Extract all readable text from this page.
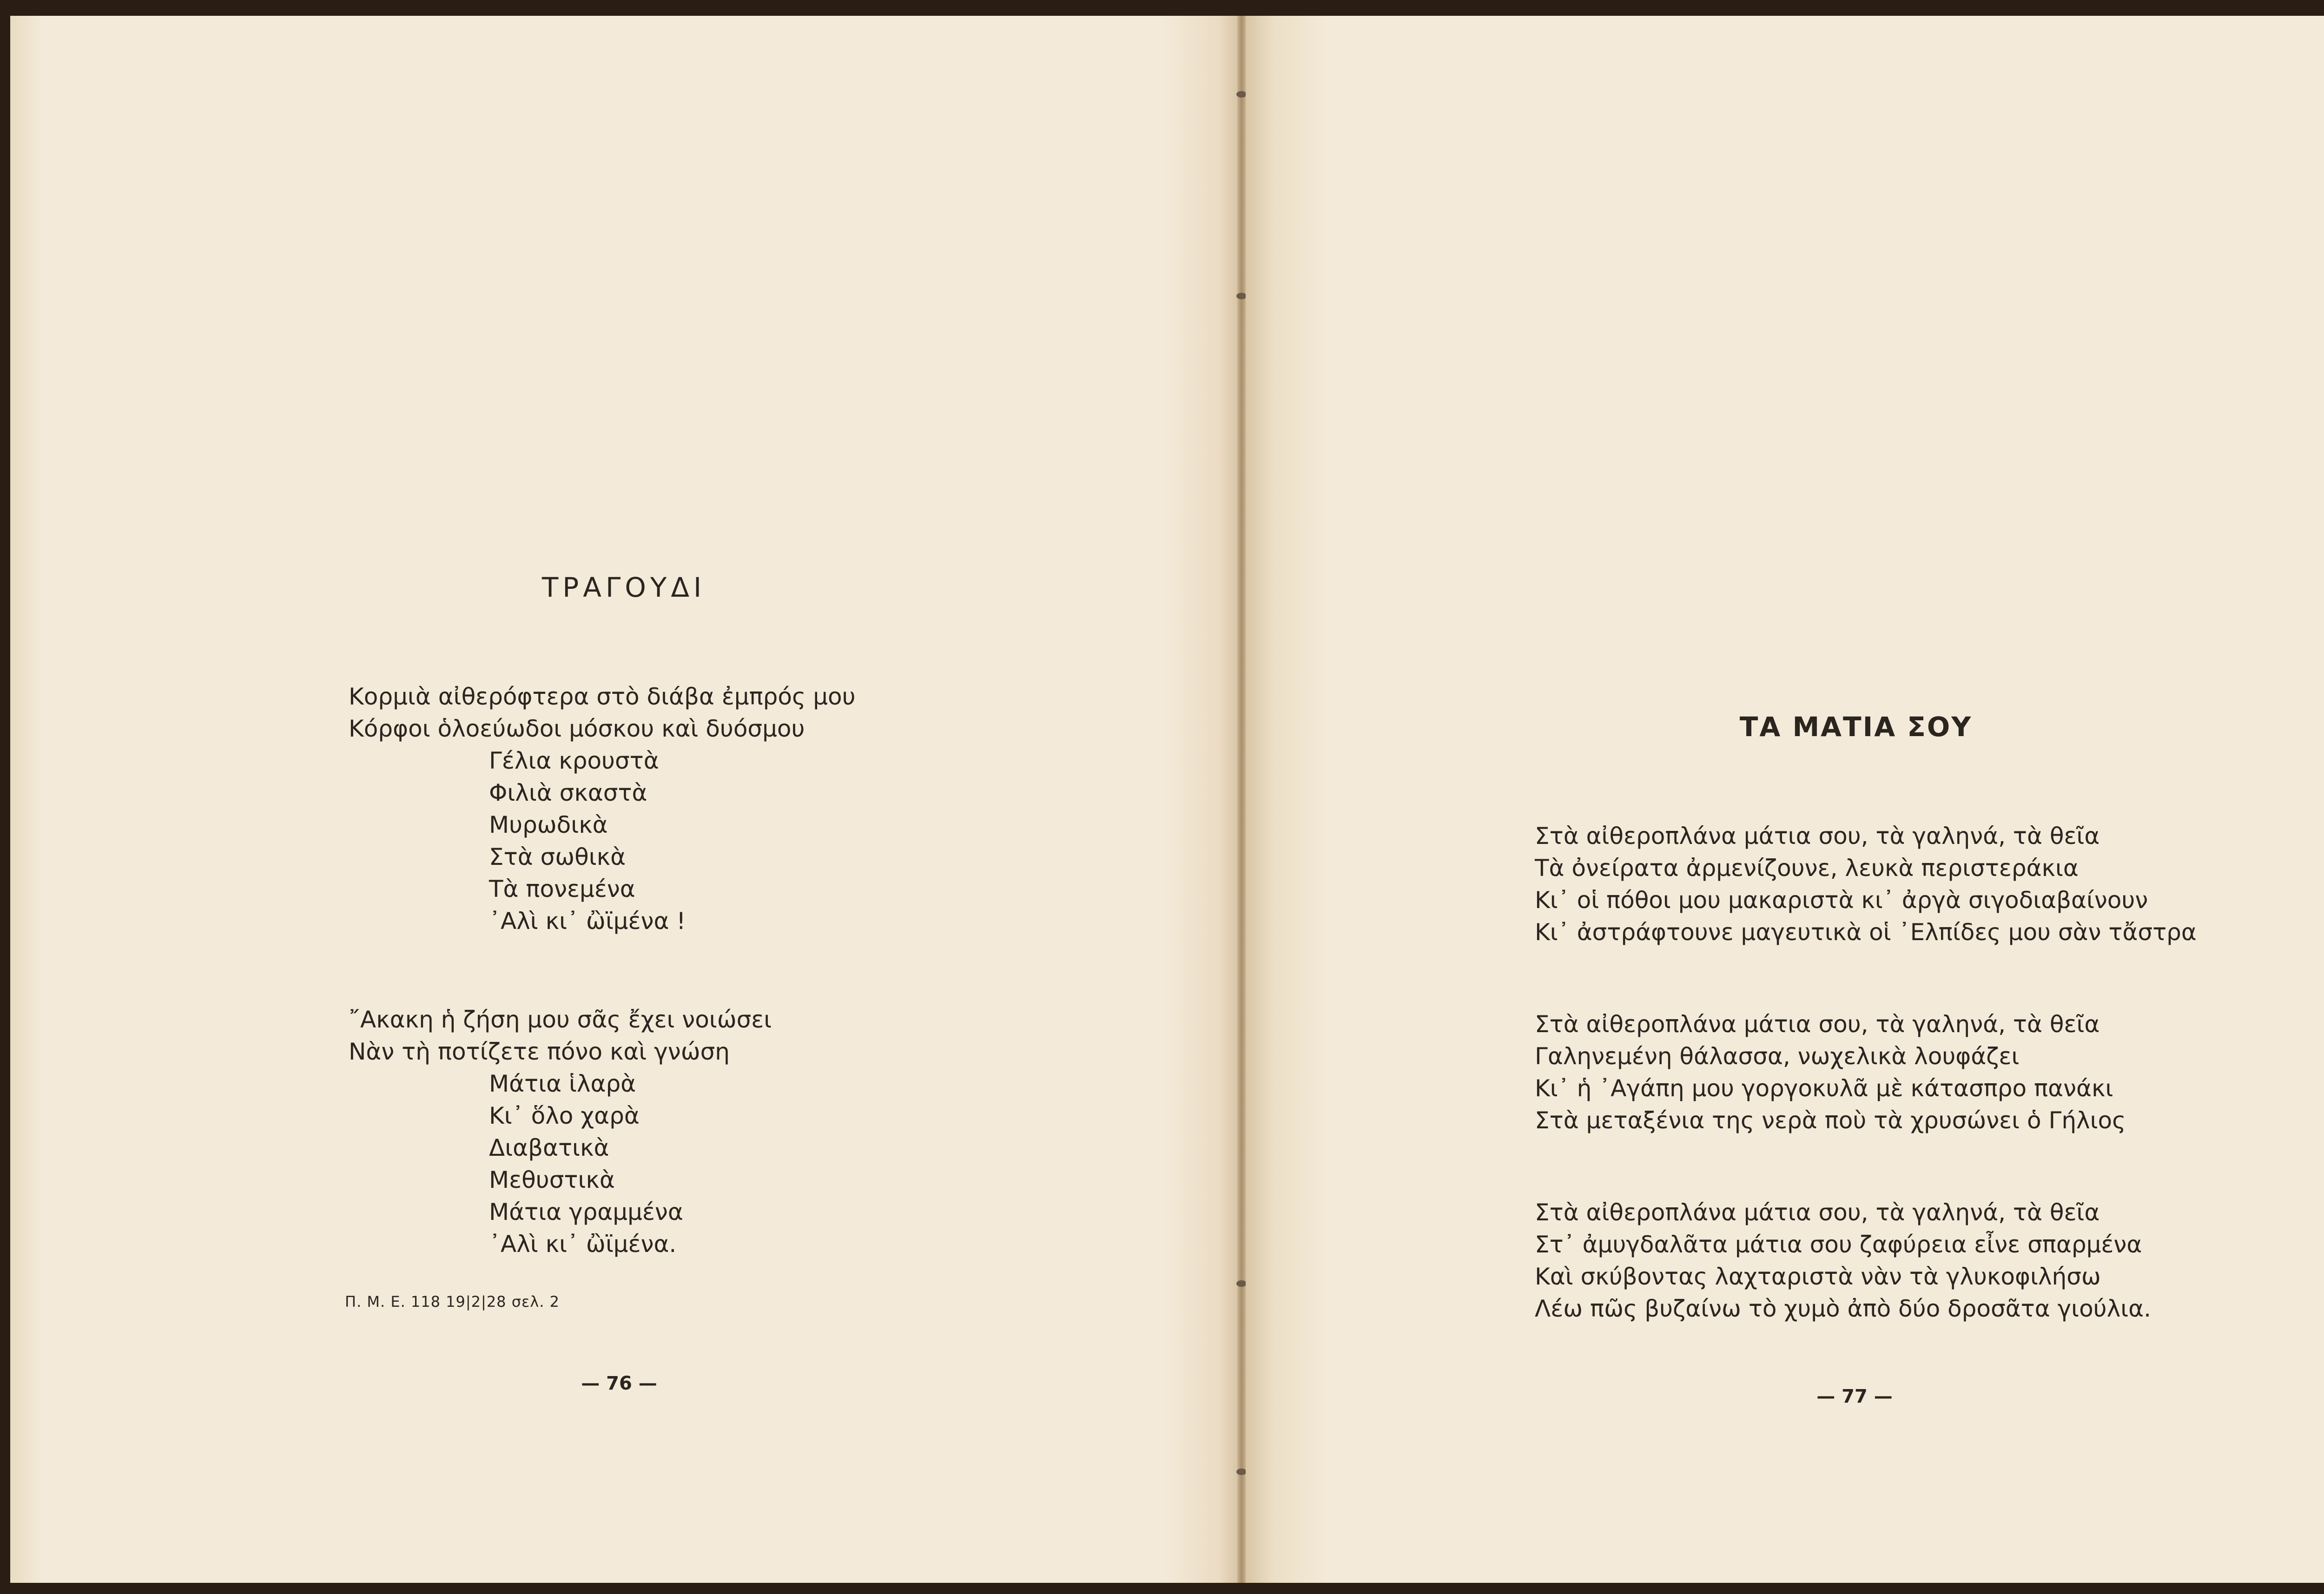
ΤΡΑΓΟΥΔΙ
Κορμιὰ αἰθερόφτερα στὸ διάβα ἐμπρός μου
Κόρφοι ὁλοεύωδοι μόσκου καὶ δυόσμου
Γέλια κρουστὰ
Φιλιὰ σκαστὰ
Μυρωδικὰ
Στὰ σωθικὰ
Τὰ πονεμένα
᾿Αλὶ κι᾿ ὢϊμένα !
῎Ακακη ἡ ζήση μου σᾶς ἔχει νοιώσει
Νὰν τὴ ποτίζετε πόνο καὶ γνώση
Μάτια ἱλαρὰ
Κι᾿ ὅλο χαρὰ
Διαβατικὰ
Μεθυστικὰ
Μάτια γραμμένα
᾿Αλὶ κι᾿ ὢϊμένα.
Π. Μ. Ε. 118 19|2|28 σελ. 2
— 76 —
ΤΑ ΜΑΤΙΑ ΣΟΥ
Στὰ αἰθεροπλάνα μάτια σου, τὰ γαληνά, τὰ θεῖα
Τὰ ὀνείρατα ἀρμενίζουνε, λευκὰ περιστεράκια
Κι᾿ οἱ πόθοι μου μακαριστὰ κι᾿ ἀργὰ σιγοδιαβαίνουν
Κι᾿ ἀστράφτουνε μαγευτικὰ οἱ ᾿Ελπίδες μου σὰν τἄστρα
Στὰ αἰθεροπλάνα μάτια σου, τὰ γαληνά, τὰ θεῖα
Γαληνεμένη θάλασσα, νωχελικὰ λουφάζει
Κι᾿ ἡ ᾿Αγάπη μου γοργοκυλᾶ μὲ κάτασπρο πανάκι
Στὰ μεταξένια της νερὰ ποὺ τὰ χρυσώνει ὁ Γήλιος
Στὰ αἰθεροπλάνα μάτια σου, τὰ γαληνά, τὰ θεῖα
Στ᾿ ἀμυγδαλᾶτα μάτια σου ζαφύρεια εἶνε σπαρμένα
Καὶ σκύβοντας λαχταριστὰ νὰν τὰ γλυκοφιλήσω
Λέω πῶς βυζαίνω τὸ χυμὸ ἀπὸ δύο δροσᾶτα γιούλια.
— 77 —
